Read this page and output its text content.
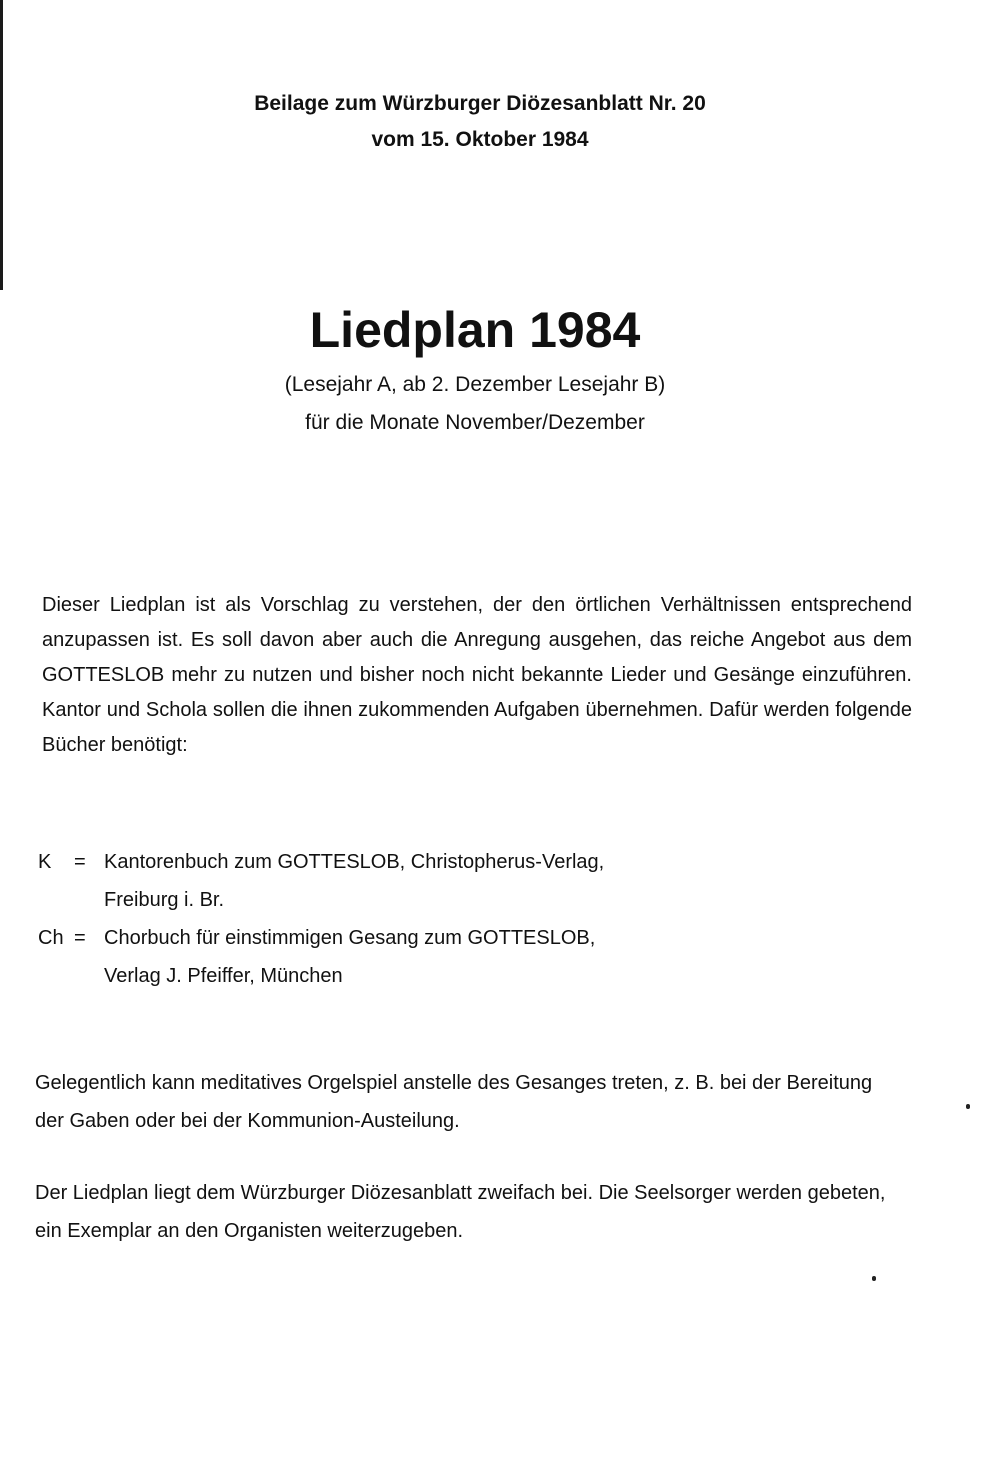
Beilage zum Würzburger Diözesanblatt Nr. 20
vom 15. Oktober 1984
Liedplan 1984
(Lesejahr A, ab 2. Dezember Lesejahr B)
für die Monate November/Dezember
Dieser Liedplan ist als Vorschlag zu verstehen, der den örtlichen Verhältnissen entsprechend anzupassen ist. Es soll davon aber auch die Anregung ausgehen, das reiche Angebot aus dem GOTTESLOB mehr zu nutzen und bisher noch nicht bekannte Lieder und Gesänge einzuführen. Kantor und Schola sollen die ihnen zukommenden Aufgaben übernehmen. Dafür werden folgende Bücher benötigt:
K = Kantorenbuch zum GOTTESLOB, Christopherus-Verlag,
Freiburg i. Br.
Ch = Chorbuch für einstimmigen Gesang zum GOTTESLOB,
Verlag J. Pfeiffer, München
Gelegentlich kann meditatives Orgelspiel anstelle des Gesanges treten, z. B. bei der Bereitung der Gaben oder bei der Kommunion-Austeilung.
Der Liedplan liegt dem Würzburger Diözesanblatt zweifach bei. Die Seelsorger werden gebeten, ein Exemplar an den Organisten weiterzugeben.
